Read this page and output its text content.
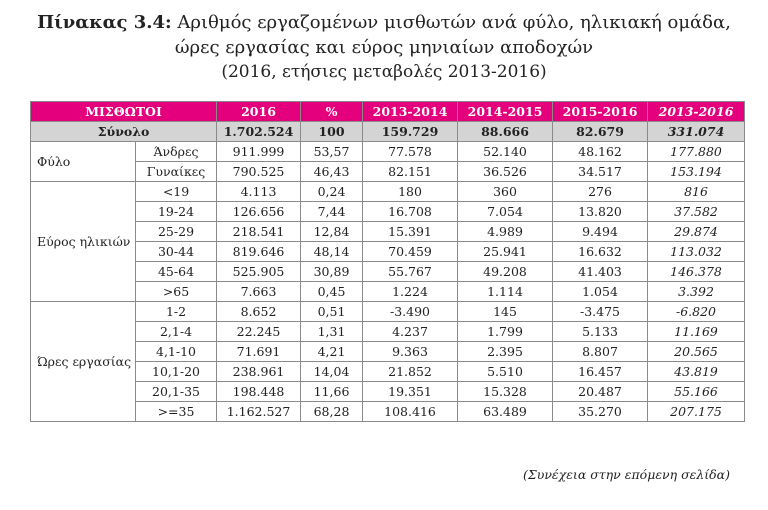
Πίνακας 3.4: Αριθμός εργαζομένων μισθωτών ανά φύλο, ηλικιακή ομάδα,
ώρες εργασίας και εύρος μηνιαίων αποδοχών
(2016, ετήσιες μεταβολές 2013-2016)
ΜΙΣΘΩΤΟΙ		2016	%	2013-2014	2014-2015	2015-2016	2013-2016
Σύνολο		1.702.524	100	159.729	88.666	82.679	331.074
Φύλο	Άνδρες	911.999	53,57	77.578	52.140	48.162	177.880
	Γυναίκες	790.525	46,43	82.151	36.526	34.517	153.194
Εύρος ηλικιών	<19	4.113	0,24	180	360	276	816
	19-24	126.656	7,44	16.708	7.054	13.820	37.582
	25-29	218.541	12,84	15.391	4.989	9.494	29.874
	30-44	819.646	48,14	70.459	25.941	16.632	113.032
	45-64	525.905	30,89	55.767	49.208	41.403	146.378
	>65	7.663	0,45	1.224	1.114	1.054	3.392
Ώρες εργασίας	1-2	8.652	0,51	-3.490	145	-3.475	-6.820
	2,1-4	22.245	1,31	4.237	1.799	5.133	11.169
	4,1-10	71.691	4,21	9.363	2.395	8.807	20.565
	10,1-20	238.961	14,04	21.852	5.510	16.457	43.819
	20,1-35	198.448	11,66	19.351	15.328	20.487	55.166
	>=35	1.162.527	68,28	108.416	63.489	35.270	207.175
(Συνέχεια στην επόμενη σελίδα)
